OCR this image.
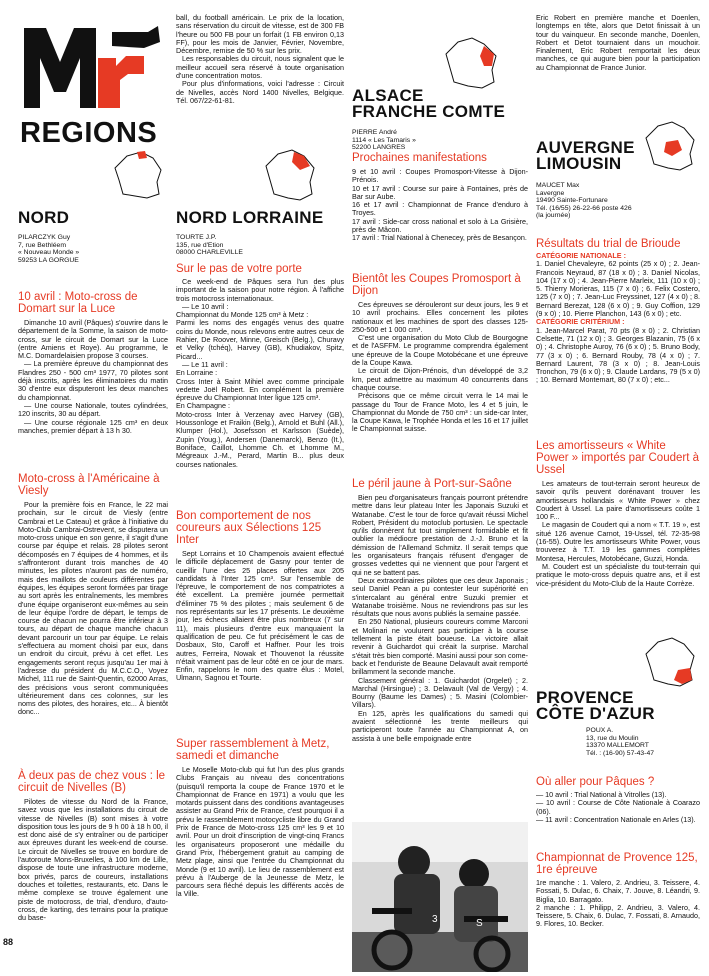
REGIONS
NORD
PILARCZYK Guy
7, rue Bethléem
« Nouveau Monde »
59253 LA GORGUE
10 avril : Moto-cross de Domart sur la Luce

Dimanche 10 avril (Pâques) s'ouvrire dans le département de la Somme, la saison de moto-cross, sur le circuit de Domart sur la Luce (entre Amiens et Roye). Au programme, le M.C. Domardelaisien propose 3 courses.

— La première épreuve du championnat des Flandres 250 - 500 cm³ 1977, 70 pilotes sont déjà inscrits, après les éliminatoires du matin 30 d'entre eux disputeront les deux manches du championnat.

— Une course Nationale, toutes cylindrées, 120 inscrits, 30 au départ.

— Une course régionale 125 cm³ en deux manches, premier départ à 13 h 30.

Moto-cross à l'Américaine à Viesly

Pour la première fois en France, le 22 mai prochain, sur le circuit de Viesly (entre Cambrai et Le Cateau) et grâce à l'initiative du Moto-Club Cambrai-Ostrevent, se disputera un moto-cross unique en son genre, il s'agit d'une course par équipe et relais. 28 pilotes seront décomposés en 7 équipes de 4 hommes, et ils s'affronteront durant trois manches de 40 minutes, les pilotes n'auront pas de numéro, mais des maillots de couleurs différentes par équipes, les équipes seront formées par tirage au sort après les entraînements, les membres d'une équipe organiseront eux-mêmes au sein de leur équipe l'ordre de départ, le temps de course de chacun ne pourra être inférieur à 3 tours, au départ de chaque manche chacun devant parcourir un tour par équipe. Le relais s'effectuera au moment choisi par eux, dans un endroit du circuit, prévu à cet effet. Les engagements seront reçus jusqu'au 1er mai à l'adresse du président du M.C.C.O., Voyez Michel, 111 rue de Saint-Quentin, 62000 Arras, des précisions vous seront communiquées ultérieurement dans ces colonnes, sur les noms des pilotes, des horaires, etc... À bientôt donc...

À deux pas de chez vous : le circuit de Nivelles (B)

Pilotes de vitesse du Nord de la France, savez vous que les installations du circuit de vitesse de Nivelles (B) sont mises à votre disposition tous les jours de 9 h 00 à 18 h 00, il est donc aisé de s'y entraîner ou de participer aux épreuves durant les week-end de course. Le circuit de Nivelles se trouve en bordure de l'autoroute Mons-Bruxelles, à 100 km de Lille, dispose de toute une infrastructure moderne, box privés, parcs de coureurs, installations douches et toilettes, restaurants, etc. Dans le même complexe se trouve également une piste de motocross, de trial, d'enduro, d'auto-cross, de karting, des terrains pour la pratique du base-

88

ball, du football américain. Le prix de la location, sans réservation du circuit de vitesse, est de 300 FB l'heure ou 500 FB pour un forfait (1 FB environ 0,13 FF), pour les mois de Janvier, Février, Novembre, Décembre, remise de 50 % sur les prix.

Les responsables du circuit, nous signalent que le meilleur accueil sera réservé à toute organisation d'une concentration motos.

Pour plus d'informations, voici l'adresse : Circuit de Nivelles, accès Nord 1400 Nivelles, Belgique. Tél. 067/22-61-81.

NORD LORRAINE
TOURTE J.P.
135, rue d'Etion
08000 CHARLEVILLE
Sur le pas de votre porte

Ce week-end de Pâques sera l'un des plus important de la saison pour notre région. À l'affiche trois motocross internationaux.

— Le 10 avril :

Championnat du Monde 125 cm³ à Metz :

Parmi les noms des engagés venus des quatre coins du Monde, nous relevons entre autres ceux de Rahier, De Roover, Minne, Greisch (Belg.), Churavy et Velky (tchéq), Harvey (GB), Khudiakov, Spitz, Picard...

— Le 11 avril :

En Lorraine :

Cross Inter à Saint Mihiel avec comme principale vedette Joël Robert. En complément la première épreuve du Championnat Inter ligue 125 cm³.

En Champagne :

Moto-cross Inter à Verzenay avec Harvey (GB), Houssonloge et Fraikin (Belg.), Arnold et Buhl (All.), Klumper (Hol.), Josefsson et Karlsson (Suède), Zupin (Youg.), Andersen (Danemarck), Benzo (It.), Boniface, Caillot, Lhomme Ch. et Lhomme M., Mégreaux J.-M., Perard, Martin B... plus deux courses nationales.

Bon comportement de nos coureurs aux Sélections 125 Inter

Sept Lorrains et 10 Champenois avaient effectué le difficile déplacement de Gasny pour tenter de cueillir l'une des 25 places offertes aux 205 candidats à l'Inter 125 cm³. Sur l'ensemble de l'épreuve, le comportement de nos compatriotes a été excellent. La première journée permettait d'éliminer 75 % des pilotes ; mais seulement 6 de nos représentants sur les 17 présents. Le deuxième jour, les échecs allaient être plus nombreux (7 sur 11), mais plusieurs d'entre eux manquaient la qualification de peu. Ce fut précisément le cas de Dosbaux, Sto, Caroff et Haffner. Pour les trois autres, Ferreira, Nowak et Thouvenot la réussite n'était vraiment pas de leur côté en ce jour de mars. Enfin, rappelons le nom des quatre élus : Motel, Ulmann, Sagnou et Tourte.

Super rassemblement à Metz, samedi et dimanche

Le Moselle Moto-club qui fut l'un des plus grands Clubs Français au niveau des concentrations (puisqu'il remporta la coupe de France 1970 et le Championnat de France en 1971) a voulu que les motards puissent dans des conditions avantageuses assister au Grand Prix de France, c'est pourquoi il a prévu le rassemblement motocycliste libre du Grand Prix de France de Moto-cross 125 cm³ les 9 et 10 avril. Pour un droit d'inscription de vingt-cinq Francs les organisateurs proposeront une médaille du Grand Prix, l'hébergement gratuit au camping de Metz plage, ainsi que l'entrée du Championnat du Monde (9 et 10 avril). Le lieu de rassemblement est prévu à l'Auberge de la Jeunesse de Metz, le parcours sera fléché depuis les différents accès de la Ville.

ALSACE
FRANCHE COMTE
PIERRE André
1114 « Les Tamaris »
52200 LANGRES
Prochaines manifestations

9 et 10 avril : Coupes Promosport-Vitesse à Dijon-Prénois.

10 et 17 avril : Course sur paire à Fontaines, près de Bar sur Aube.

16 et 17 avril : Championnat de France d'enduro à Troyes.

17 avril : Side-car cross national et solo à La Grisière, près de Mâcon.

17 avril : Trial National à Chenecey, près de Besançon.

Bientôt les Coupes Promosport à Dijon

Ces épreuves se dérouleront sur deux jours, les 9 et 10 avril prochains. Elles concernent les pilotes nationaux et les machines de sport des classes 125-250-500 et 1 000 cm³.

C'est une organisation du Moto Club de Bourgogne et de l'ASFFM. Le programme comprendra également une épreuve de la Coupe Motobécane et une épreuve de la Coupe Kawa.

Le circuit de Dijon-Prénois, d'un développé de 3,2 km, peut admettre au maximum 40 concurrents dans chaque course.

Précisons que ce même circuit verra le 14 mai le passage du Tour de France Moto, les 4 et 5 juin, le Championnat du Monde de 750 cm³ : un side-car Inter, la Coupe Kawa, le Trophée Honda et les 16 et 17 juillet le Championnat suisse.

Le péril jaune à Port-sur-Saône

Bien peu d'organisateurs français pourront prétendre mettre dans leur plateau Inter les Japonais Suzuki et Watanabe. C'est le tour de force qu'avait réussi Michel Robert, Président du motoclub portusien. Le spectacle qu'ils donnèrent fut tout simplement formidable et fit oublier la médiocre prestation de J.-J. Bruno et la démission de l'Allemand Schmitz. Il serait temps que les organisateurs français réfusent d'engager de grosses vedettes qui ne viennent que pour l'argent et qui ne se battent pas.

Deux extraordinaires pilotes que ces deux Japonais ; seul Daniel Pean a pu contester leur supériorité en s'intercalant au général entre Suzuki premier et Watanabe troisième. Nous ne reviendrons pas sur les résultats que nous avons publiés la semaine passée.

En 250 National, plusieurs coureurs comme Marconi et Molinari ne voulurent pas participer à la course tellement la piste était boueuse. La victoire allait revenir à Guichardot qui créait la surprise. Marchal s'était très bien comporté. Masini aussi pour son come-back et l'enduriste de Beaune Delavault avait remporté brillamment la seconde manche.

Classement général : 1. Guichardot (Orgelet) ; 2. Marchal (Hirsingue) ; 3. Delavault (Val de Vergy) ; 4. Bourny (Baume les Dames) ; 5. Masini (Colombier-Villars).

En 125, après les qualifications du samedi qui avaient sélectionné les trente meilleurs qui participeront toute l'année au Championnat A, on assista à une belle empoignade entre

3	S

Eric Robert en première manche et Doenlen, longtemps en tête, alors que Detot finissait à un tour du vainqueur. En seconde manche, Doenlen, Robert et Detot tournaient dans un mouchoir. Finalement, Eric Robert remportait les deux manches, ce qui augure bien pour la participation au Championnat de France Junior.

AUVERGNE
LIMOUSIN
MAUCET Max
Lavergne
19490 Sainte-Fortunare
Tél. (16/55) 26-22-66 poste 426
(la journée)
Résultats du trial de Brioude
CATÉGORIE NATIONALE :

1. Daniel Chevaleyre, 62 points (25 x 0) ; 2. Jean-Francois Neyraud, 87 (18 x 0) ; 3. Daniel Nicolas, 104 (17 x 0) ; 4. Jean-Pierre Marleix, 111 (10 x 0) ; 5. Thierry Morieras, 115 (7 x 0) ; 6. Felix Costero, 125 (7 x 0) ; 7. Jean-Luc Freyssinet, 127 (4 x 0) ; 8. Bernard Berezat, 128 (6 x 0) ; 9. Guy Coffion, 129 (9 x 0) ; 10. Pierre Planchon, 143 (6 x 0) ; etc.

CATÉGORIE CRITÉRIUM :

1. Jean-Marcel Parat, 70 pts (8 x 0) ; 2. Christian Celsette, 71 (12 x 0) ; 3. Georges Blazanin, 75 (6 x 0) ; 4. Christophe Auroy, 76 (6 x 0) ; 5. Bruno Body, 77 (3 x 0) ; 6. Bernard Rouby, 78 (4 x 0) ; 7. Bernard Laurent, 78 (3 x 0) ; 8. Jean-Louis Tronchon, 79 (6 x 0) ; 9. Claude Lardans, 79 (5 x 0) ; 10. Bernard Montemart, 80 (7 x 0) ; etc...

Les amortisseurs « White Power » importés par Coudert à Ussel

Les amateurs de tout-terrain seront heureux de savoir qu'ils peuvent dorénavant trouver les amortisseurs hollandais « White Power » chez Coudert à Ussel. La paire d'amortisseurs coûte 1 100 F...

Le magasin de Coudert qui a nom « T.T. 19 », est situé 126 avenue Carnot, 19-Ussel, tél. 72-35-98 (16-55). Outre les amortisseurs White Power, vous trouverez à T.T. 19 les gammes complètes Montesa, Hercules, Motobécane, Guzzi, Honda.

M. Coudert est un spécialiste du tout-terrain qui pratique le moto-cross depuis quatre ans, et il est vice-président du Moto-Club de la Haute Corrèze.

PROVENCE
CÔTE D'AZUR
POUX A.
13, rue du Moulin
13370 MALLEMORT
Tél. : (16-90) 57-43-47
Où aller pour Pâques ?

— 10 avril : Trial National à Vitrolles (13).

— 10 avril : Course de Côte Nationale à Coarazo (06).

— 11 avril : Concentration Nationale en Arles (13).

Championnat de Provence 125, 1re épreuve

1re manche : 1. Valero, 2. Andrieu, 3. Teissere, 4. Fossati, 5. Dulac, 6. Chaix, 7. Jouve, 8. Léandri, 9. Biglia, 10. Barragato.

2 manche : 1. Philipp, 2. Andrieu, 3. Valero, 4. Teissere, 5. Chaix, 6. Dulac, 7. Fossati, 8. Arnaudo, 9. Flores, 10. Becker.
